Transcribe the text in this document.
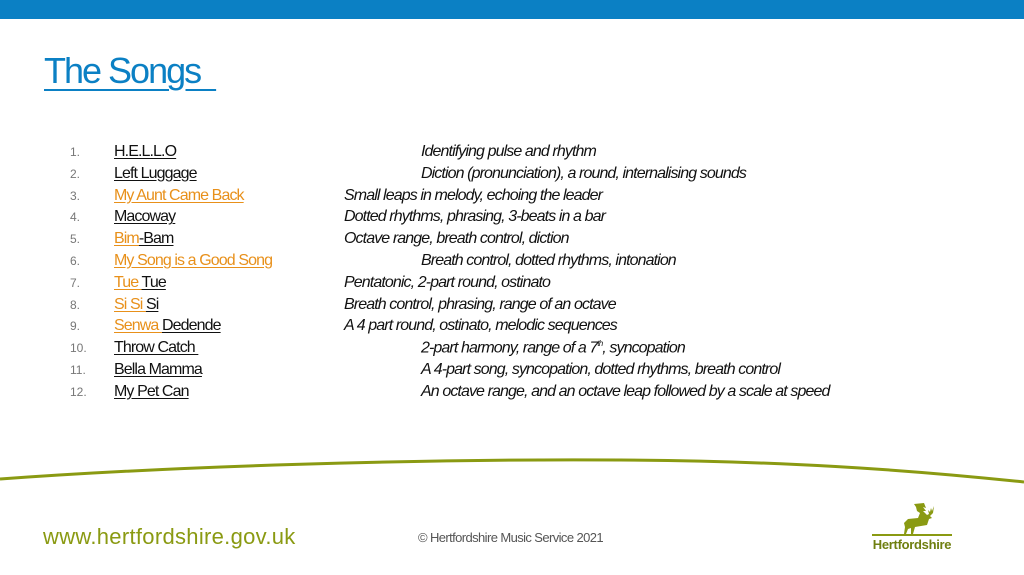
The Songs
1.	H.E.L.L.O	Identifying pulse and rhythm
2.	Left Luggage	Diction (pronunciation), a round, internalising sounds
3.	My Aunt Came Back	Small leaps in melody, echoing the leader
4.	Macoway	Dotted rhythms, phrasing, 3-beats in a bar
5.	Bim-Bam	Octave range, breath control, diction
6.	My Song is a Good Song	Breath control, dotted rhythms, intonation
7.	Tue Tue	Pentatonic, 2-part round, ostinato
8.	Si Si Si	Breath control, phrasing, range of an octave
9.	Senwa Dedende	A 4 part round, ostinato, melodic sequences
10.	Throw Catch	2-part harmony, range of a 7th, syncopation
11.	Bella Mamma	A 4-part song, syncopation, dotted rhythms, breath control
12.	My Pet Can	An octave range, and an octave leap followed by a scale at speed
www.hertfordshire.gov.uk	© Hertfordshire Music Service 2021	Hertfordshire
